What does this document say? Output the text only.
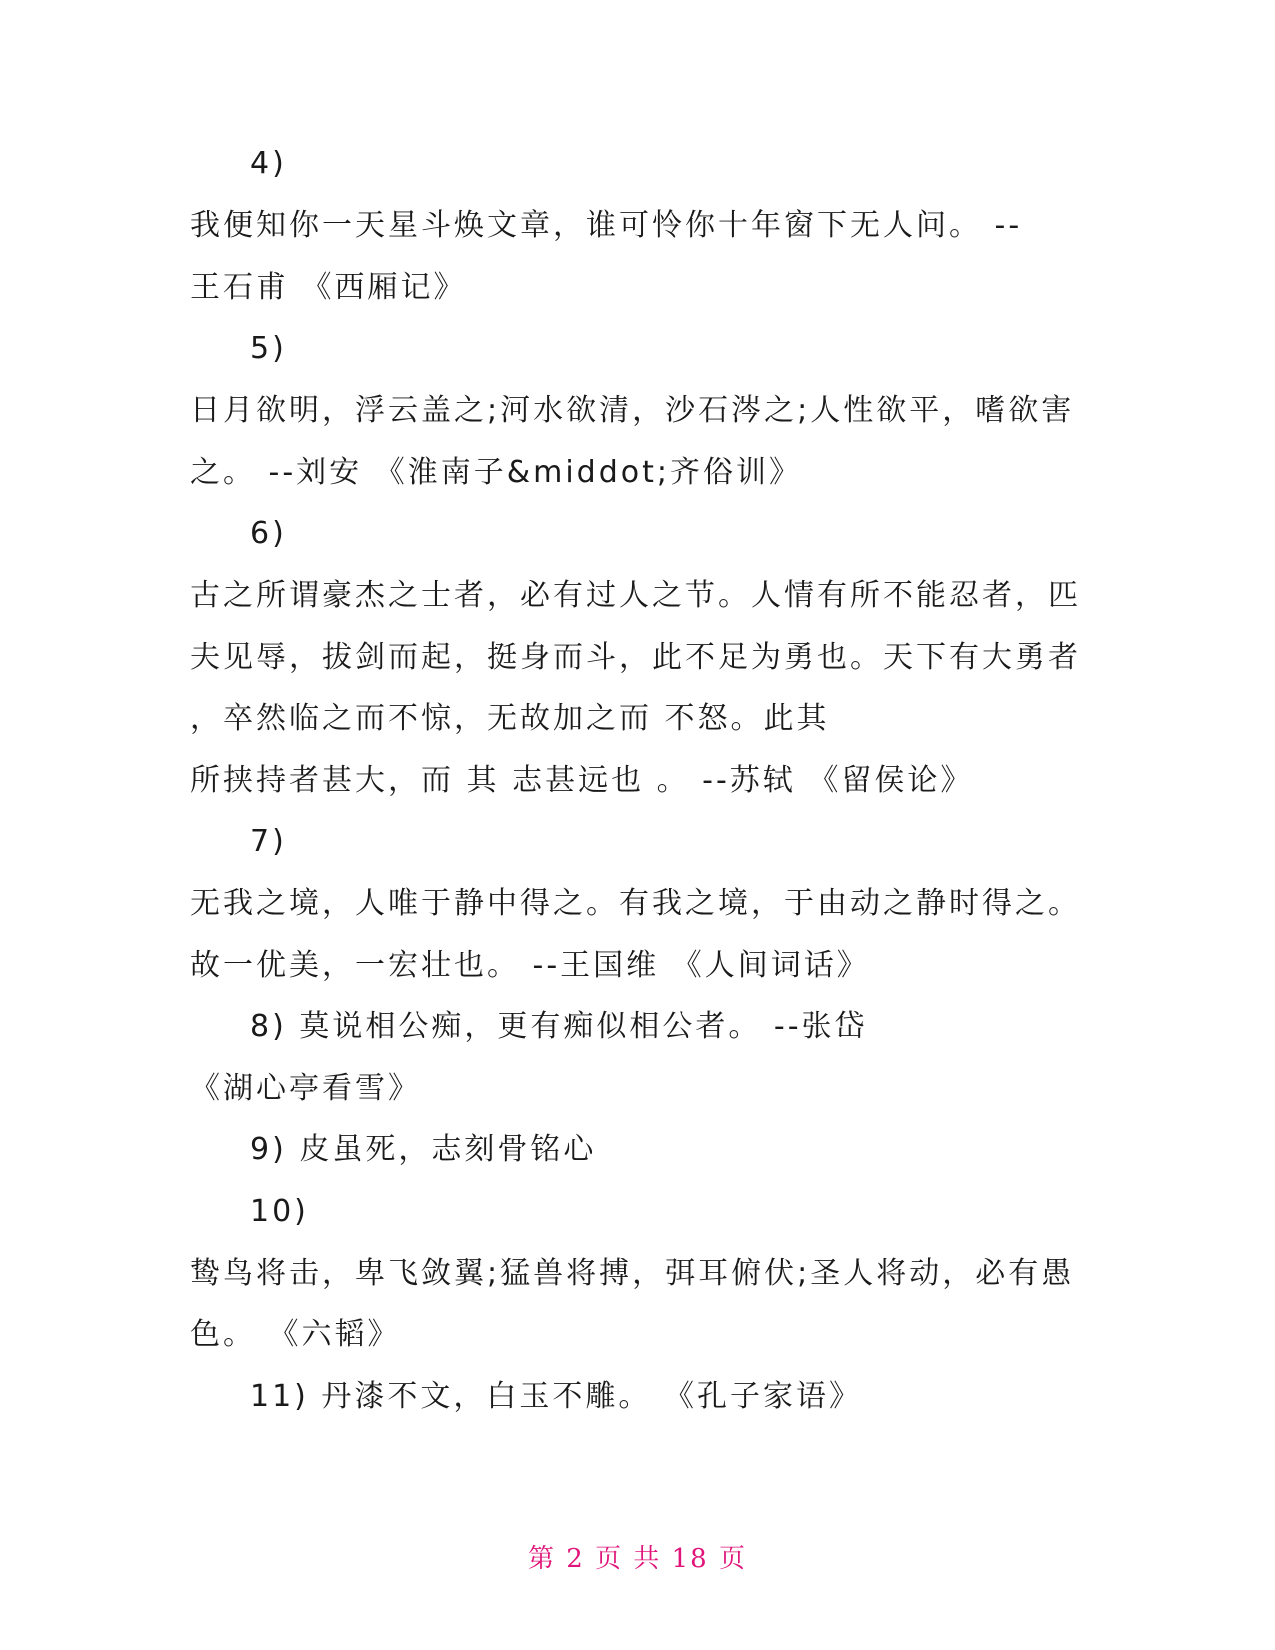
4)
我便知你一天星斗焕文章，谁可怜你十年窗下无人问。 --
王石甫 《西厢记》
5)
日月欲明，浮云盖之;河水欲清，沙石涔之;人性欲平，嗜欲害
之。 --刘安 《淮南子&middot;齐俗训》
6)
古之所谓豪杰之士者，必有过人之节。人情有所不能忍者，匹
夫见辱，拔剑而起，挺身而斗，此不足为勇也。天下有大勇者
，卒然临之而不惊，无故加之而 不怒。此其
所挟持者甚大，而 其 志甚远也 。 --苏轼 《留侯论》
7)
无我之境，人唯于静中得之。有我之境，于由动之静时得之。
故一优美，一宏壮也。 --王国维 《人间词话》
8) 莫说相公痴，更有痴似相公者。 --张岱
《湖心亭看雪》
9) 皮虽死，志刻骨铭心
10)
鸷鸟将击，卑飞敛翼;猛兽将搏，弭耳俯伏;圣人将动，必有愚
色。 《六韬》
11) 丹漆不文，白玉不雕。 《孔子家语》
第 2 页 共 18 页
